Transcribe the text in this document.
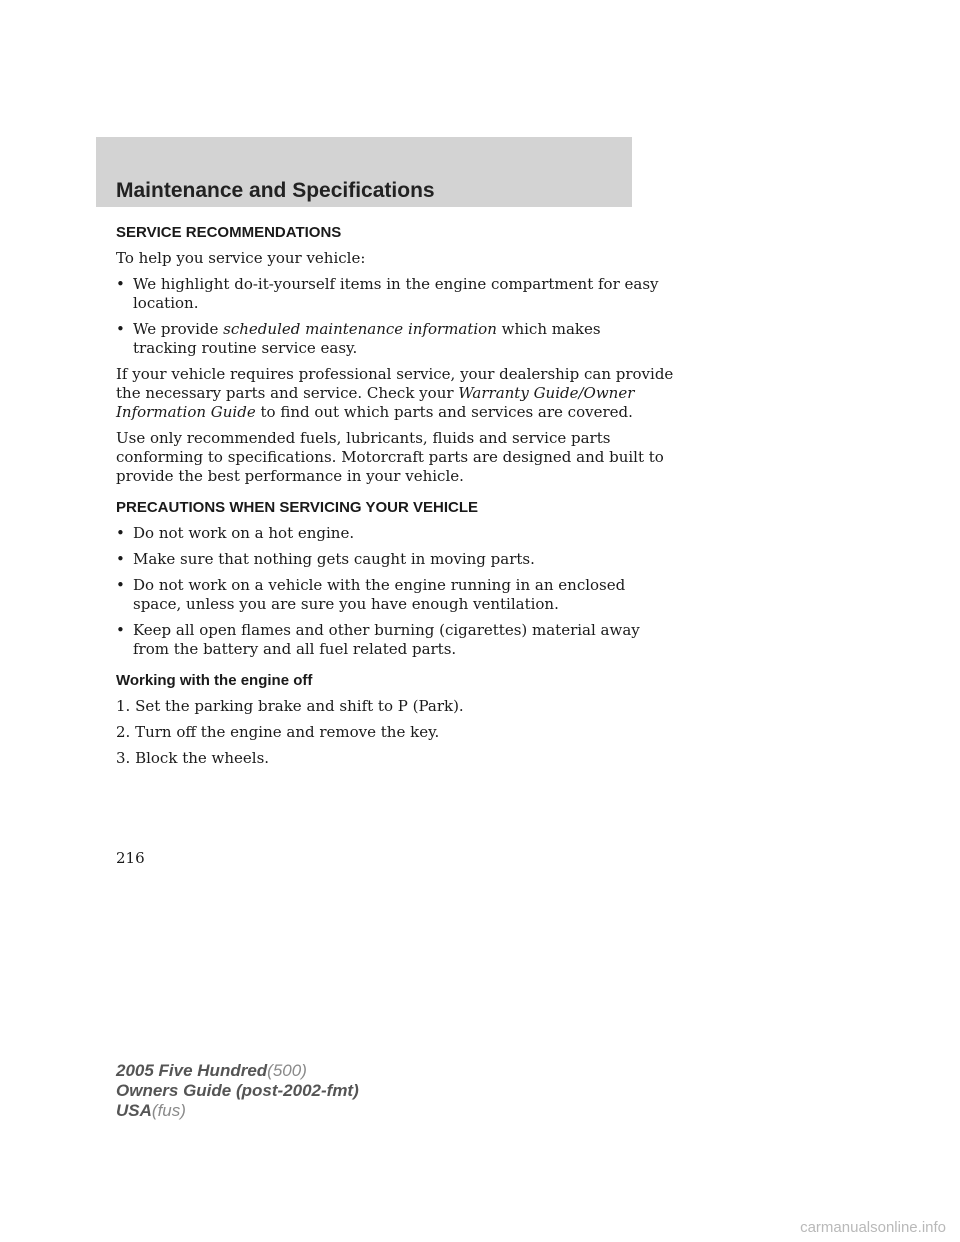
Maintenance and Specifications
SERVICE RECOMMENDATIONS
To help you service your vehicle:
• We highlight do-it-yourself items in the engine compartment for easy
location.
• We provide scheduled maintenance information which makes
tracking routine service easy.
If your vehicle requires professional service, your dealership can provide
the necessary parts and service. Check your Warranty Guide/Owner
Information Guide to find out which parts and services are covered.
Use only recommended fuels, lubricants, fluids and service parts
conforming to specifications. Motorcraft parts are designed and built to
provide the best performance in your vehicle.
PRECAUTIONS WHEN SERVICING YOUR VEHICLE
• Do not work on a hot engine.
• Make sure that nothing gets caught in moving parts.
• Do not work on a vehicle with the engine running in an enclosed
space, unless you are sure you have enough ventilation.
• Keep all open flames and other burning (cigarettes) material away
from the battery and all fuel related parts.
Working with the engine off
1. Set the parking brake and shift to P (Park).
2. Turn off the engine and remove the key.
3. Block the wheels.
216
2005 Five Hundred(500)
Owners Guide (post-2002-fmt)
USA(fus)
carmanualsonline.info
